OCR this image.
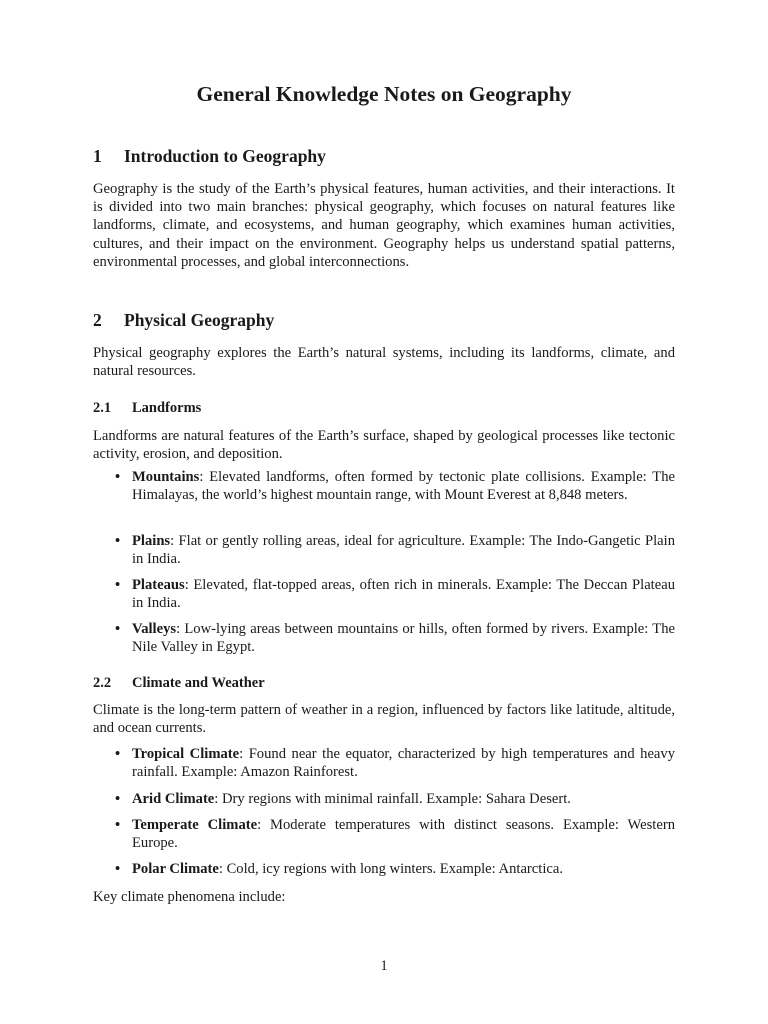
General Knowledge Notes on Geography
1 Introduction to Geography

Geography is the study of the Earth’s physical features, human activities, and their interactions. It is divided into two main branches: physical geography, which focuses on natural features like landforms, climate, and ecosystems, and human geography, which examines human activities, cultures, and their impact on the environment. Geography helps us understand spatial patterns, environmental processes, and global interconnections.

2 Physical Geography

Physical geography explores the Earth’s natural systems, including its landforms, climate, and natural resources.

2.1 Landforms

Landforms are natural features of the Earth’s surface, shaped by geological processes like tectonic activity, erosion, and deposition.

• Mountains: Elevated landforms, often formed by tectonic plate collisions. Example: The Himalayas, the world’s highest mountain range, with Mount Everest at 8,848 meters.
• Plains: Flat or gently rolling areas, ideal for agriculture. Example: The Indo-Gangetic Plain in India.
• Plateaus: Elevated, flat-topped areas, often rich in minerals. Example: The Deccan Plateau in India.
• Valleys: Low-lying areas between mountains or hills, often formed by rivers. Example: The Nile Valley in Egypt.
2.2 Climate and Weather

Climate is the long-term pattern of weather in a region, influenced by factors like latitude, altitude, and ocean currents.

• Tropical Climate: Found near the equator, characterized by high temperatures and heavy rainfall. Example: Amazon Rainforest.
• Arid Climate: Dry regions with minimal rainfall. Example: Sahara Desert.
• Temperate Climate: Moderate temperatures with distinct seasons. Example: Western Europe.
• Polar Climate: Cold, icy regions with long winters. Example: Antarctica.

Key climate phenomena include:

1
